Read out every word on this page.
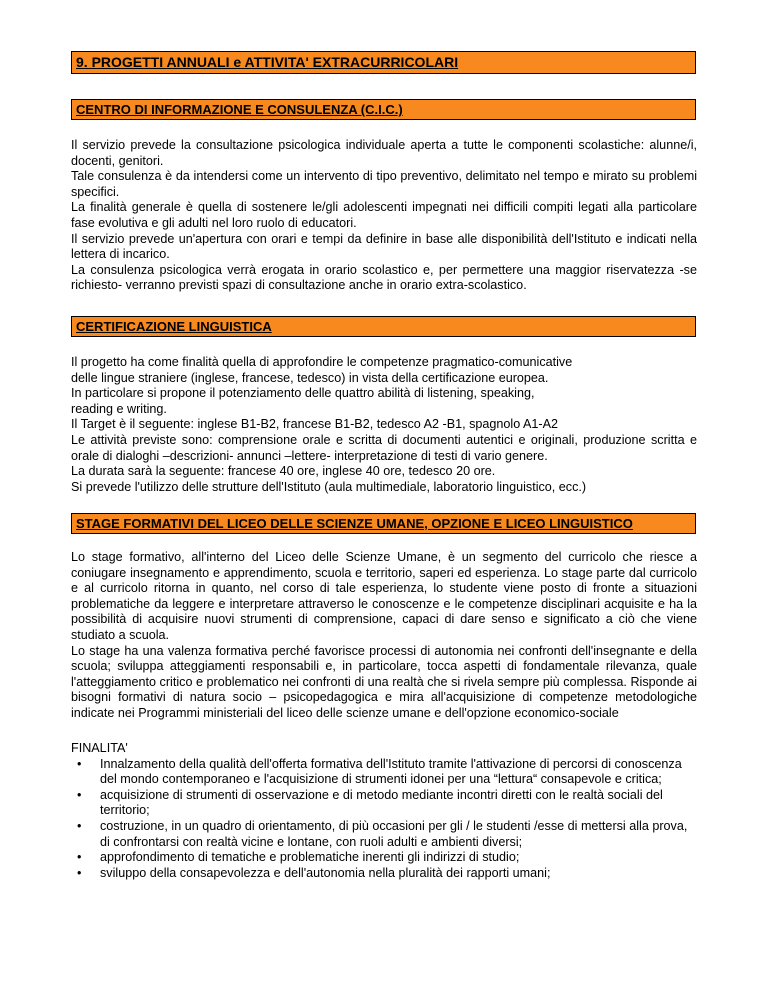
9. PROGETTI ANNUALI e ATTIVITA' EXTRACURRICOLARI
CENTRO DI INFORMAZIONE E CONSULENZA (C.I.C.)

Il servizio prevede la consultazione psicologica individuale aperta a tutte le componenti scolastiche: alunne/i, docenti, genitori.

Tale consulenza è da intendersi come un intervento di tipo preventivo, delimitato nel tempo e mirato su problemi specifici.

La finalità generale è quella di sostenere le/gli adolescenti impegnati nei difficili compiti legati alla particolare fase evolutiva e gli adulti nel loro ruolo di educatori.

Il servizio prevede un'apertura con orari e tempi da definire in base alle disponibilità dell'Istituto e indicati nella lettera di incarico.

La consulenza psicologica verrà erogata in orario scolastico e, per permettere una maggior riservatezza -se richiesto- verranno previsti spazi di consultazione anche in orario extra-scolastico.

CERTIFICAZIONE LINGUISTICA

Il progetto ha come finalità quella di approfondire le competenze pragmatico-comunicative

delle lingue straniere (inglese, francese, tedesco) in vista della certificazione europea.

In particolare si propone il potenziamento delle quattro abilità di listening, speaking,

reading e writing.

Il Target è il seguente: inglese B1-B2, francese B1-B2, tedesco A2 -B1, spagnolo A1-A2

Le attività previste sono: comprensione orale e scritta di documenti autentici e originali, produzione scritta e orale di dialoghi –descrizioni- annunci –lettere- interpretazione di testi di vario genere.

La durata sarà la seguente: francese 40 ore, inglese 40 ore, tedesco 20 ore.

Si prevede l'utilizzo delle strutture dell'Istituto (aula multimediale, laboratorio linguistico, ecc.)

STAGE FORMATIVI DEL LICEO DELLE SCIENZE UMANE, OPZIONE E LICEO LINGUISTICO

Lo stage formativo, all'interno del Liceo delle Scienze Umane, è un segmento del curricolo che riesce a coniugare insegnamento e apprendimento, scuola e territorio, saperi ed esperienza. Lo stage parte dal curricolo e al curricolo ritorna in quanto, nel corso di tale esperienza, lo studente viene posto di fronte a situazioni problematiche da leggere e interpretare attraverso le conoscenze e le competenze disciplinari acquisite e ha la possibilità di acquisire nuovi strumenti di comprensione, capaci di dare senso e significato a ciò che viene studiato a scuola.

Lo stage ha una valenza formativa perché favorisce processi di autonomia nei confronti dell'insegnante e della scuola; sviluppa atteggiamenti responsabili e, in particolare, tocca aspetti di fondamentale rilevanza, quale l'atteggiamento critico e problematico nei confronti di una realtà che si rivela sempre più complessa. Risponde ai bisogni formativi di natura socio – psicopedagogica e mira all'acquisizione di competenze metodologiche indicate nei Programmi ministeriali del liceo delle scienze umane e dell'opzione economico-sociale

FINALITA'

• Innalzamento della qualità dell'offerta formativa dell'Istituto tramite l'attivazione di percorsi di conoscenza del mondo contemporaneo e l'acquisizione di strumenti idonei per una “lettura“ consapevole e critica;
• acquisizione di strumenti di osservazione e di metodo mediante incontri diretti con le realtà sociali del territorio;
• costruzione, in un quadro di orientamento, di più occasioni per gli / le studenti /esse di mettersi alla prova, di confrontarsi con realtà vicine e lontane, con ruoli adulti e ambienti diversi;
• approfondimento di tematiche e problematiche inerenti gli indirizzi di studio;
• sviluppo della consapevolezza e dell'autonomia nella pluralità dei rapporti umani;
